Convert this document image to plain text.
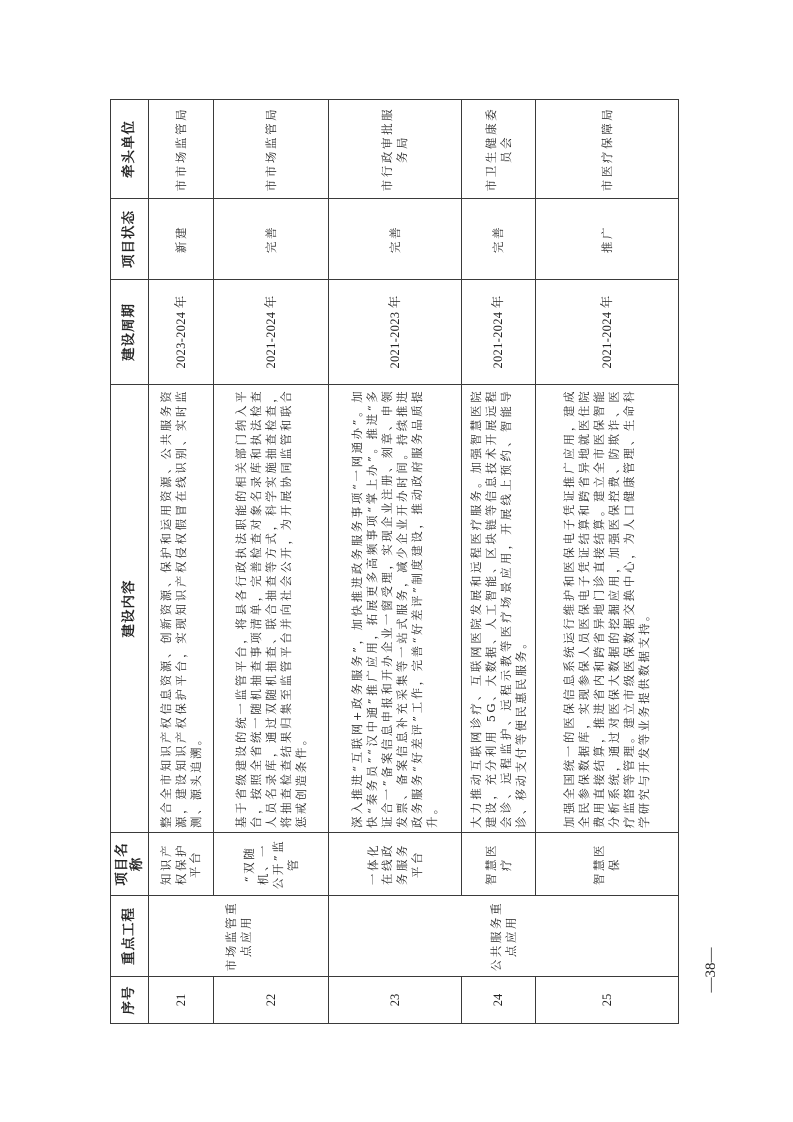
序号	重点工程	项目名称	建设内容	建设周期	项目状态	牵头单位
21	市场监管重点应用	知识产权保护平台	整合全市知识产权信息资源、创新资源、保护和运用资源、公共服务资源，建设知识产权保护平台，实现知识产权侵权假冒在线识别、实时监测、源头追溯。	2023-2024 年	新建	市市场监管局
22		“双随机、一公开”监管	基于省级建设的统一监管平台，将县各行政执法职能的相关部门纳入平台，按照全省统一随机抽查事项清单，完善检查对象名录库和执法检查人员名录库，通过双随机抽查、联合抽查等方式，科学实施抽查检查，将抽查检查结果归集至监管平台并向社会公开，为开展协同监管和联合惩戒创造条件。	2021-2024 年	完善	市市场监管局
23	公共服务重点应用	一体化在线政务服务平台	深入推进“互联网+政务服务”，加快推进政务服务事项“一网通办”。加快“秦务员”“汉中通”推广应用，拓展更多高频事项“掌上办”。推进“多证合一”备案信息申报和开办企业一窗受理，实现企业注册、刻章、申领发票、备案信息补充采集等一站式服务，减少企业开办时间。持续推进政务服务“好差评”工作，完善“好差评”制度建设，推动政府服务品质提升。	2021-2023 年	完善	市行政审批服务局
24		智慧医疗	大力推动互联网诊疗、互联网医院发展和远程医疗服务。加强智慧医院建设，充分利用 5G、大数据、人工智能、区块链等信息技术开展远程会诊、远程监护、远程示教等医疗场景应用，开展线上预约、智能导诊、移动支付等便民惠民服务。	2021-2024 年	完善	市卫生健康委员会
25		智慧医保	加强全国统一的医保信息系统运行维护和医保电子凭证推广应用，建成全民参保数据库，实现参保人员医保电子凭证结算和跨省异地就医住院费用直接结算，推进省内和跨省异地门诊直接结算。建立全市医保智能分析系统，通过对医保大数据的挖掘应用，加强医保控费、防欺诈、医疗监督等管理。建立市级医保数据交换中心，为人口健康管理、生命科学研究与开发等业务提供数据支持。	2021-2024 年	推广	市医疗保障局
—38—
